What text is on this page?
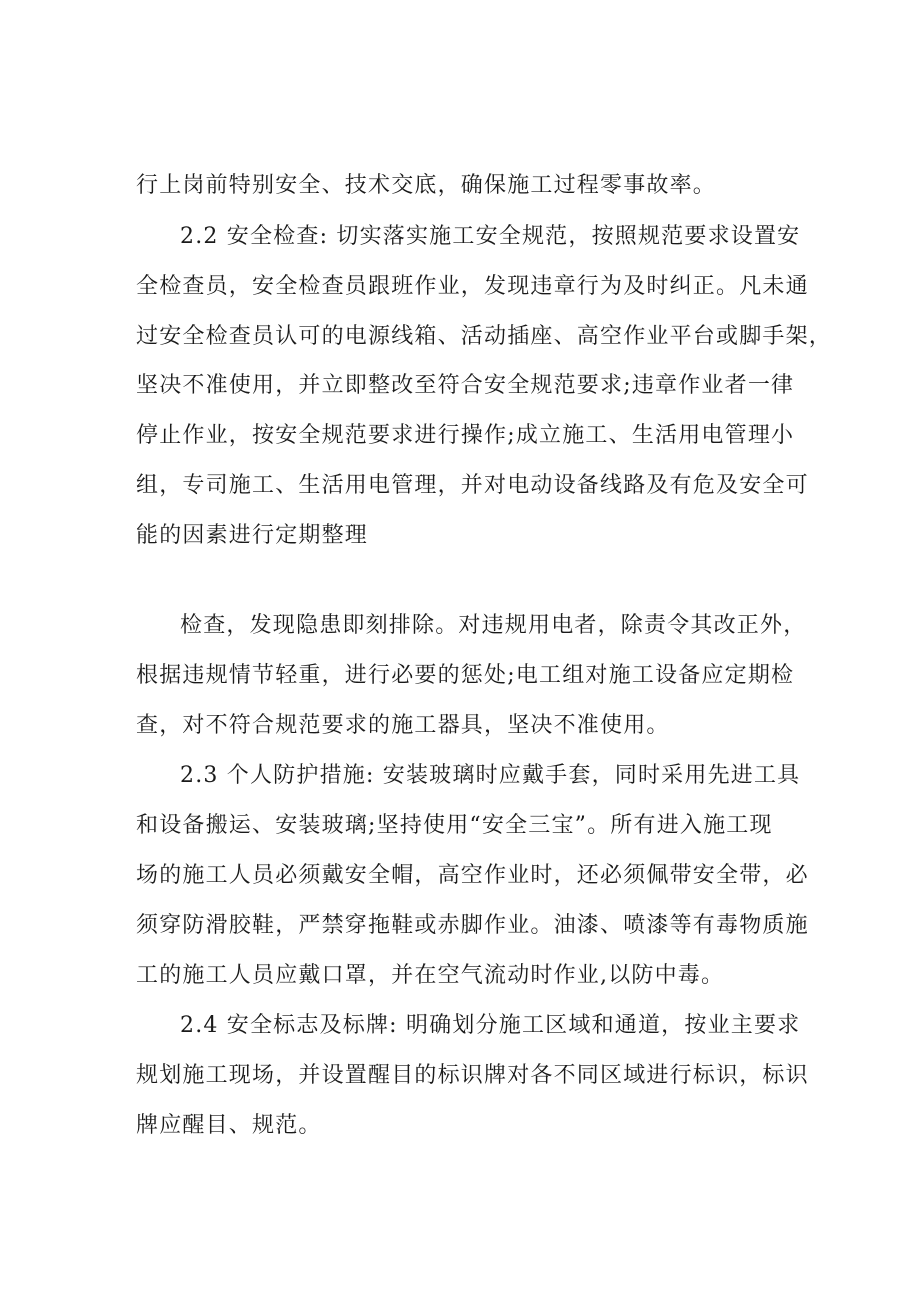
行上岗前特别安全、技术交底，确保施工过程零事故率。
2.2 安全检查: 切实落实施工安全规范，按照规范要求设置安
全检查员，安全检查员跟班作业，发现违章行为及时纠正。凡未通
过安全检查员认可的电源线箱、活动插座、高空作业平台或脚手架，
坚决不准使用，并立即整改至符合安全规范要求;违章作业者一律
停止作业，按安全规范要求进行操作;成立施工、生活用电管理小
组，专司施工、生活用电管理，并对电动设备线路及有危及安全可
能的因素进行定期整理
检查，发现隐患即刻排除。对违规用电者，除责令其改正外，
根据违规情节轻重，进行必要的惩处;电工组对施工设备应定期检
查，对不符合规范要求的施工器具，坚决不准使用。
2.3 个人防护措施: 安装玻璃时应戴手套，同时采用先进工具
和设备搬运、安装玻璃;坚持使用“安全三宝”。所有进入施工现
场的施工人员必须戴安全帽，高空作业时，还必须佩带安全带，必
须穿防滑胶鞋，严禁穿拖鞋或赤脚作业。油漆、喷漆等有毒物质施
工的施工人员应戴口罩，并在空气流动时作业,以防中毒。
2.4 安全标志及标牌: 明确划分施工区域和通道，按业主要求
规划施工现场，并设置醒目的标识牌对各不同区域进行标识，标识
牌应醒目、规范。
